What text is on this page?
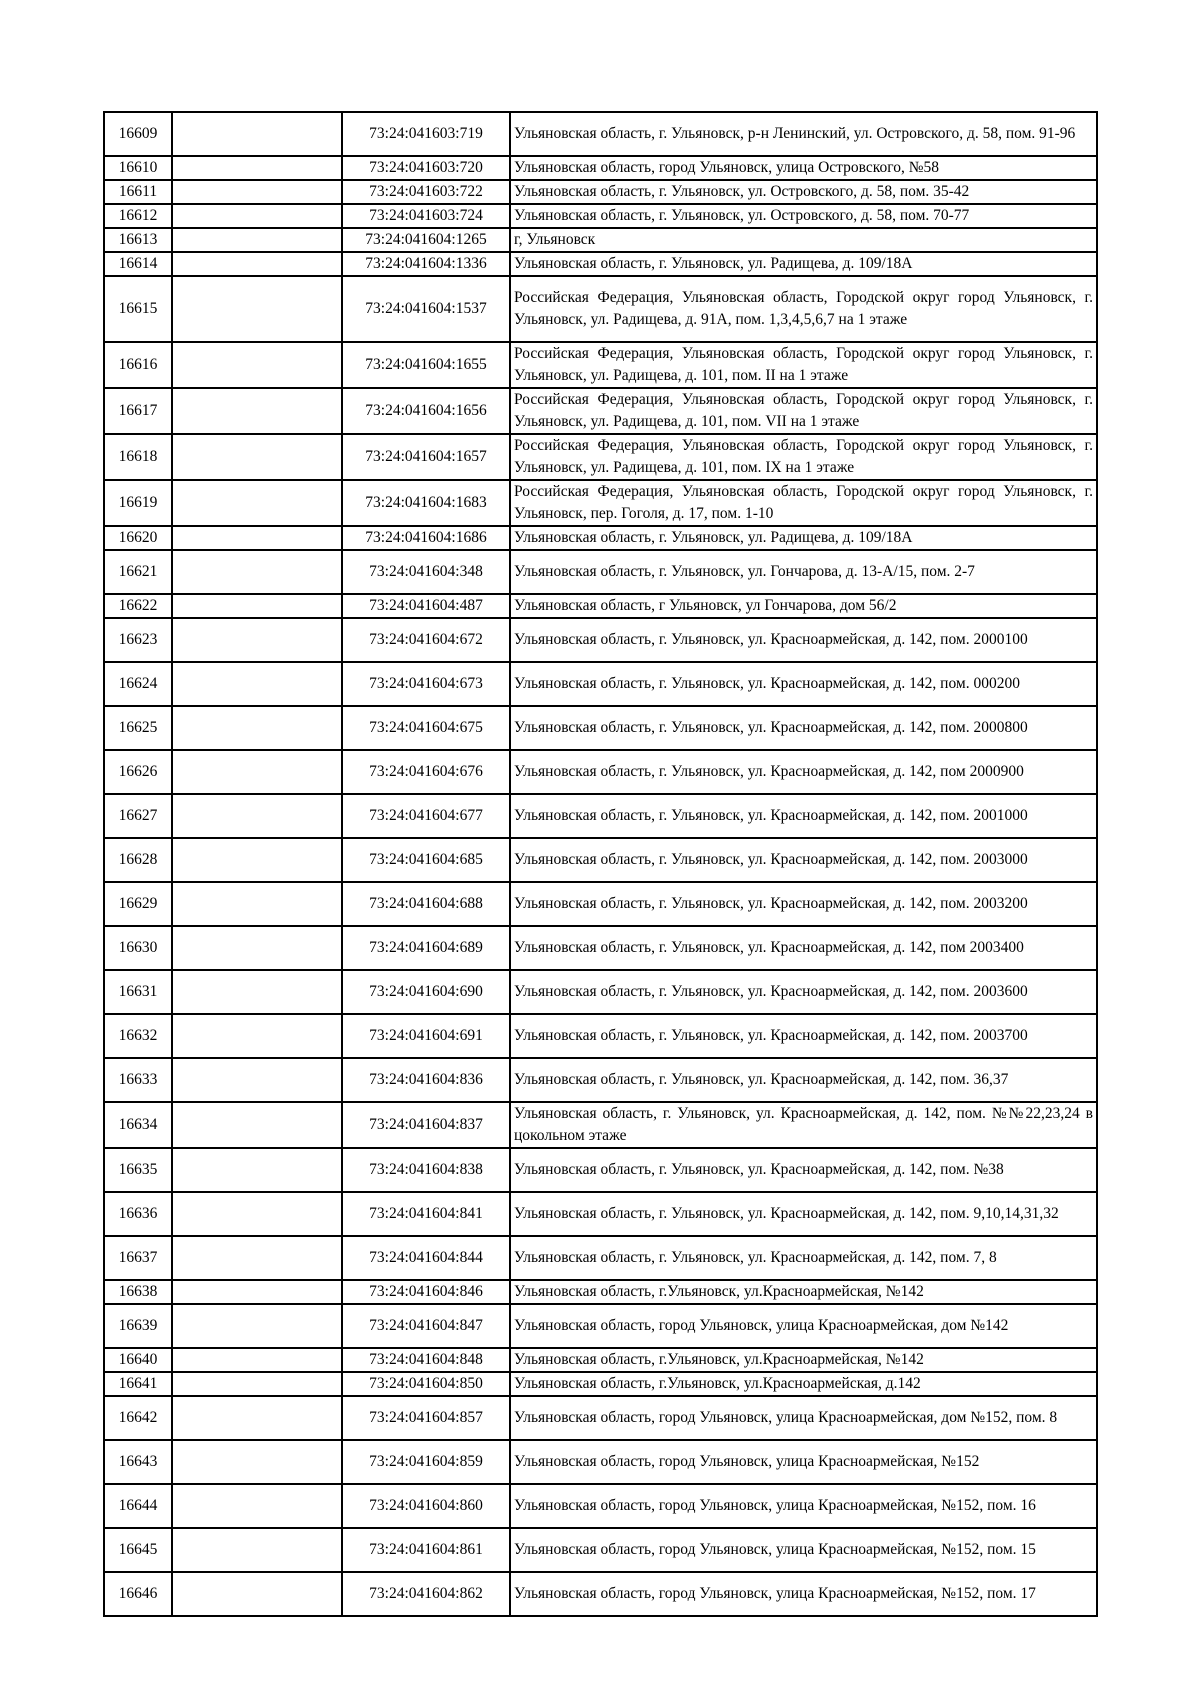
16609		73:24:041603:719	Ульяновская область, г. Ульяновск, р-н Ленинский, ул. Островского, д. 58, пом. 91-96
16610		73:24:041603:720	Ульяновская область, город Ульяновск, улица Островского, №58
16611		73:24:041603:722	Ульяновская область, г. Ульяновск, ул. Островского, д. 58, пом. 35-42
16612		73:24:041603:724	Ульяновская область, г. Ульяновск, ул. Островского, д. 58, пом. 70-77
16613		73:24:041604:1265	г, Ульяновск
16614		73:24:041604:1336	Ульяновская область, г. Ульяновск, ул. Радищева, д. 109/18А
16615		73:24:041604:1537	Российская Федерация, Ульяновская область, Городской округ город Ульяновск, г. Ульяновск, ул. Радищева, д. 91А, пом. 1,3,4,5,6,7 на 1 этаже
16616		73:24:041604:1655	Российская Федерация, Ульяновская область, Городской округ город Ульяновск, г. Ульяновск, ул. Радищева, д. 101, пом. II на 1 этаже
16617		73:24:041604:1656	Российская Федерация, Ульяновская область, Городской округ город Ульяновск, г. Ульяновск, ул. Радищева, д. 101, пом. VII на 1 этаже
16618		73:24:041604:1657	Российская Федерация, Ульяновская область, Городской округ город Ульяновск, г. Ульяновск, ул. Радищева, д. 101, пом. IX на 1 этаже
16619		73:24:041604:1683	Российская Федерация, Ульяновская область, Городской округ город Ульяновск, г. Ульяновск, пер. Гоголя, д. 17, пом. 1-10
16620		73:24:041604:1686	Ульяновская область, г. Ульяновск, ул. Радищева, д. 109/18А
16621		73:24:041604:348	Ульяновская область, г. Ульяновск, ул. Гончарова, д. 13-А/15, пом. 2-7
16622		73:24:041604:487	Ульяновская область, г Ульяновск, ул Гончарова, дом 56/2
16623		73:24:041604:672	Ульяновская область, г. Ульяновск, ул. Красноармейская, д. 142, пом. 2000100
16624		73:24:041604:673	Ульяновская область, г. Ульяновск, ул. Красноармейская, д. 142, пом. 000200
16625		73:24:041604:675	Ульяновская область, г. Ульяновск, ул. Красноармейская, д. 142, пом. 2000800
16626		73:24:041604:676	Ульяновская область, г. Ульяновск, ул. Красноармейская, д. 142, пом 2000900
16627		73:24:041604:677	Ульяновская область, г. Ульяновск, ул. Красноармейская, д. 142, пом. 2001000
16628		73:24:041604:685	Ульяновская область, г. Ульяновск, ул. Красноармейская, д. 142, пом. 2003000
16629		73:24:041604:688	Ульяновская область, г. Ульяновск, ул. Красноармейская, д. 142, пом. 2003200
16630		73:24:041604:689	Ульяновская область, г. Ульяновск, ул. Красноармейская, д. 142, пом 2003400
16631		73:24:041604:690	Ульяновская область, г. Ульяновск, ул. Красноармейская, д. 142, пом. 2003600
16632		73:24:041604:691	Ульяновская область, г. Ульяновск, ул. Красноармейская, д. 142, пом. 2003700
16633		73:24:041604:836	Ульяновская область, г. Ульяновск, ул. Красноармейская, д. 142, пом. 36,37
16634		73:24:041604:837	Ульяновская область, г. Ульяновск, ул. Красноармейская, д. 142, пом. №№22,23,24 в цокольном этаже
16635		73:24:041604:838	Ульяновская область, г. Ульяновск, ул. Красноармейская, д. 142, пом. №38
16636		73:24:041604:841	Ульяновская область, г. Ульяновск, ул. Красноармейская, д. 142, пом. 9,10,14,31,32
16637		73:24:041604:844	Ульяновская область, г. Ульяновск, ул. Красноармейская, д. 142, пом. 7, 8
16638		73:24:041604:846	Ульяновская область, г.Ульяновск, ул.Красноармейская, №142
16639		73:24:041604:847	Ульяновская область, город Ульяновск, улица Красноармейская, дом №142
16640		73:24:041604:848	Ульяновская область, г.Ульяновск, ул.Красноармейская, №142
16641		73:24:041604:850	Ульяновская область, г.Ульяновск, ул.Красноармейская, д.142
16642		73:24:041604:857	Ульяновская область, город Ульяновск, улица Красноармейская, дом №152, пом. 8
16643		73:24:041604:859	Ульяновская область, город Ульяновск, улица Красноармейская, №152
16644		73:24:041604:860	Ульяновская область, город Ульяновск, улица Красноармейская, №152, пом. 16
16645		73:24:041604:861	Ульяновская область, город Ульяновск, улица Красноармейская, №152, пом. 15
16646		73:24:041604:862	Ульяновская область, город Ульяновск, улица Красноармейская, №152, пом. 17
